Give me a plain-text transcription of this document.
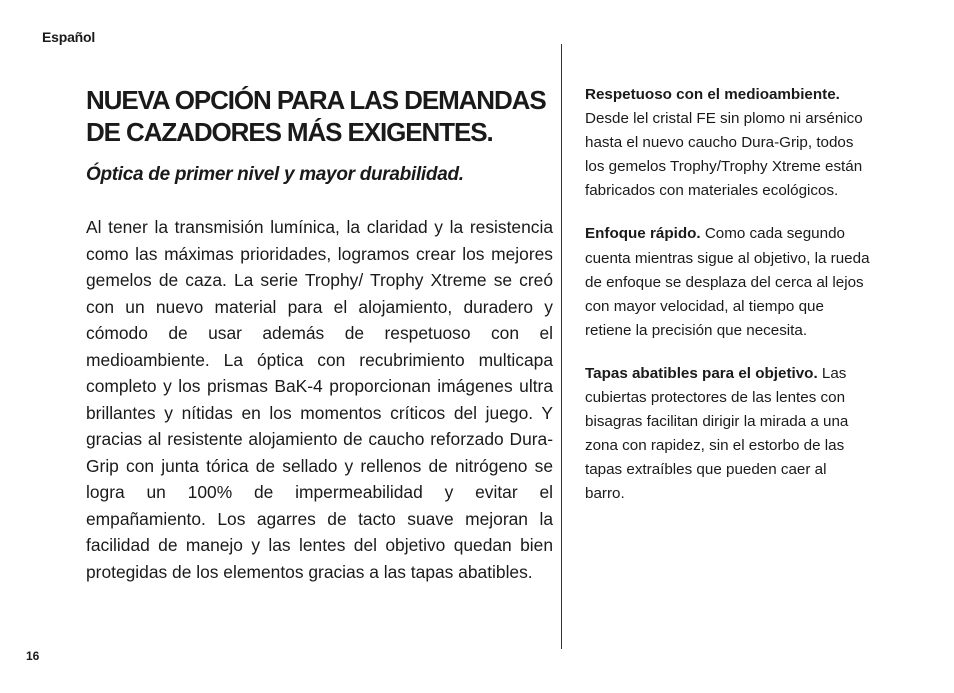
Español
NUEVA OPCIÓN PARA LAS DEMANDAS
DE CAZADORES MÁS EXIGENTES.

Óptica de primer nivel y mayor durabilidad.

Al tener la transmisión lumínica, la claridad y la resistencia como las máximas prioridades, logramos crear los mejores gemelos de caza. La serie Trophy/ Trophy Xtreme se creó con un nuevo material para el alojamiento, duradero y cómodo de usar además de respetuoso con el medioambiente. La óptica con recubrimiento multicapa completo y los prismas BaK-4 proporcionan imágenes ultra brillantes y nítidas en los momentos críticos del juego. Y gracias al resistente alojamiento de caucho reforzado Dura-Grip con junta tórica de sellado y rellenos de nitrógeno se logra un 100% de impermeabilidad y evitar el empañamiento. Los agarres de tacto suave mejoran la facilidad de manejo y las lentes del objetivo quedan bien protegidas de los elementos gracias a las tapas abatibles.

Respetuoso con el medioambiente. Desde lel cristal FE sin plomo ni arsénico hasta el nuevo caucho Dura-Grip, todos los gemelos Trophy/Trophy Xtreme están fabricados con materiales ecológicos.

Enfoque rápido. Como cada segundo cuenta mientras sigue al objetivo, la rueda de enfoque se desplaza del cerca al lejos con mayor velocidad, al tiempo que retiene la precisión que necesita.

Tapas abatibles para el objetivo. Las cubiertas protectores de las lentes con bisagras facilitan dirigir la mirada a una zona con rapidez, sin el estorbo de las tapas extraíbles que pueden caer al barro.

16
